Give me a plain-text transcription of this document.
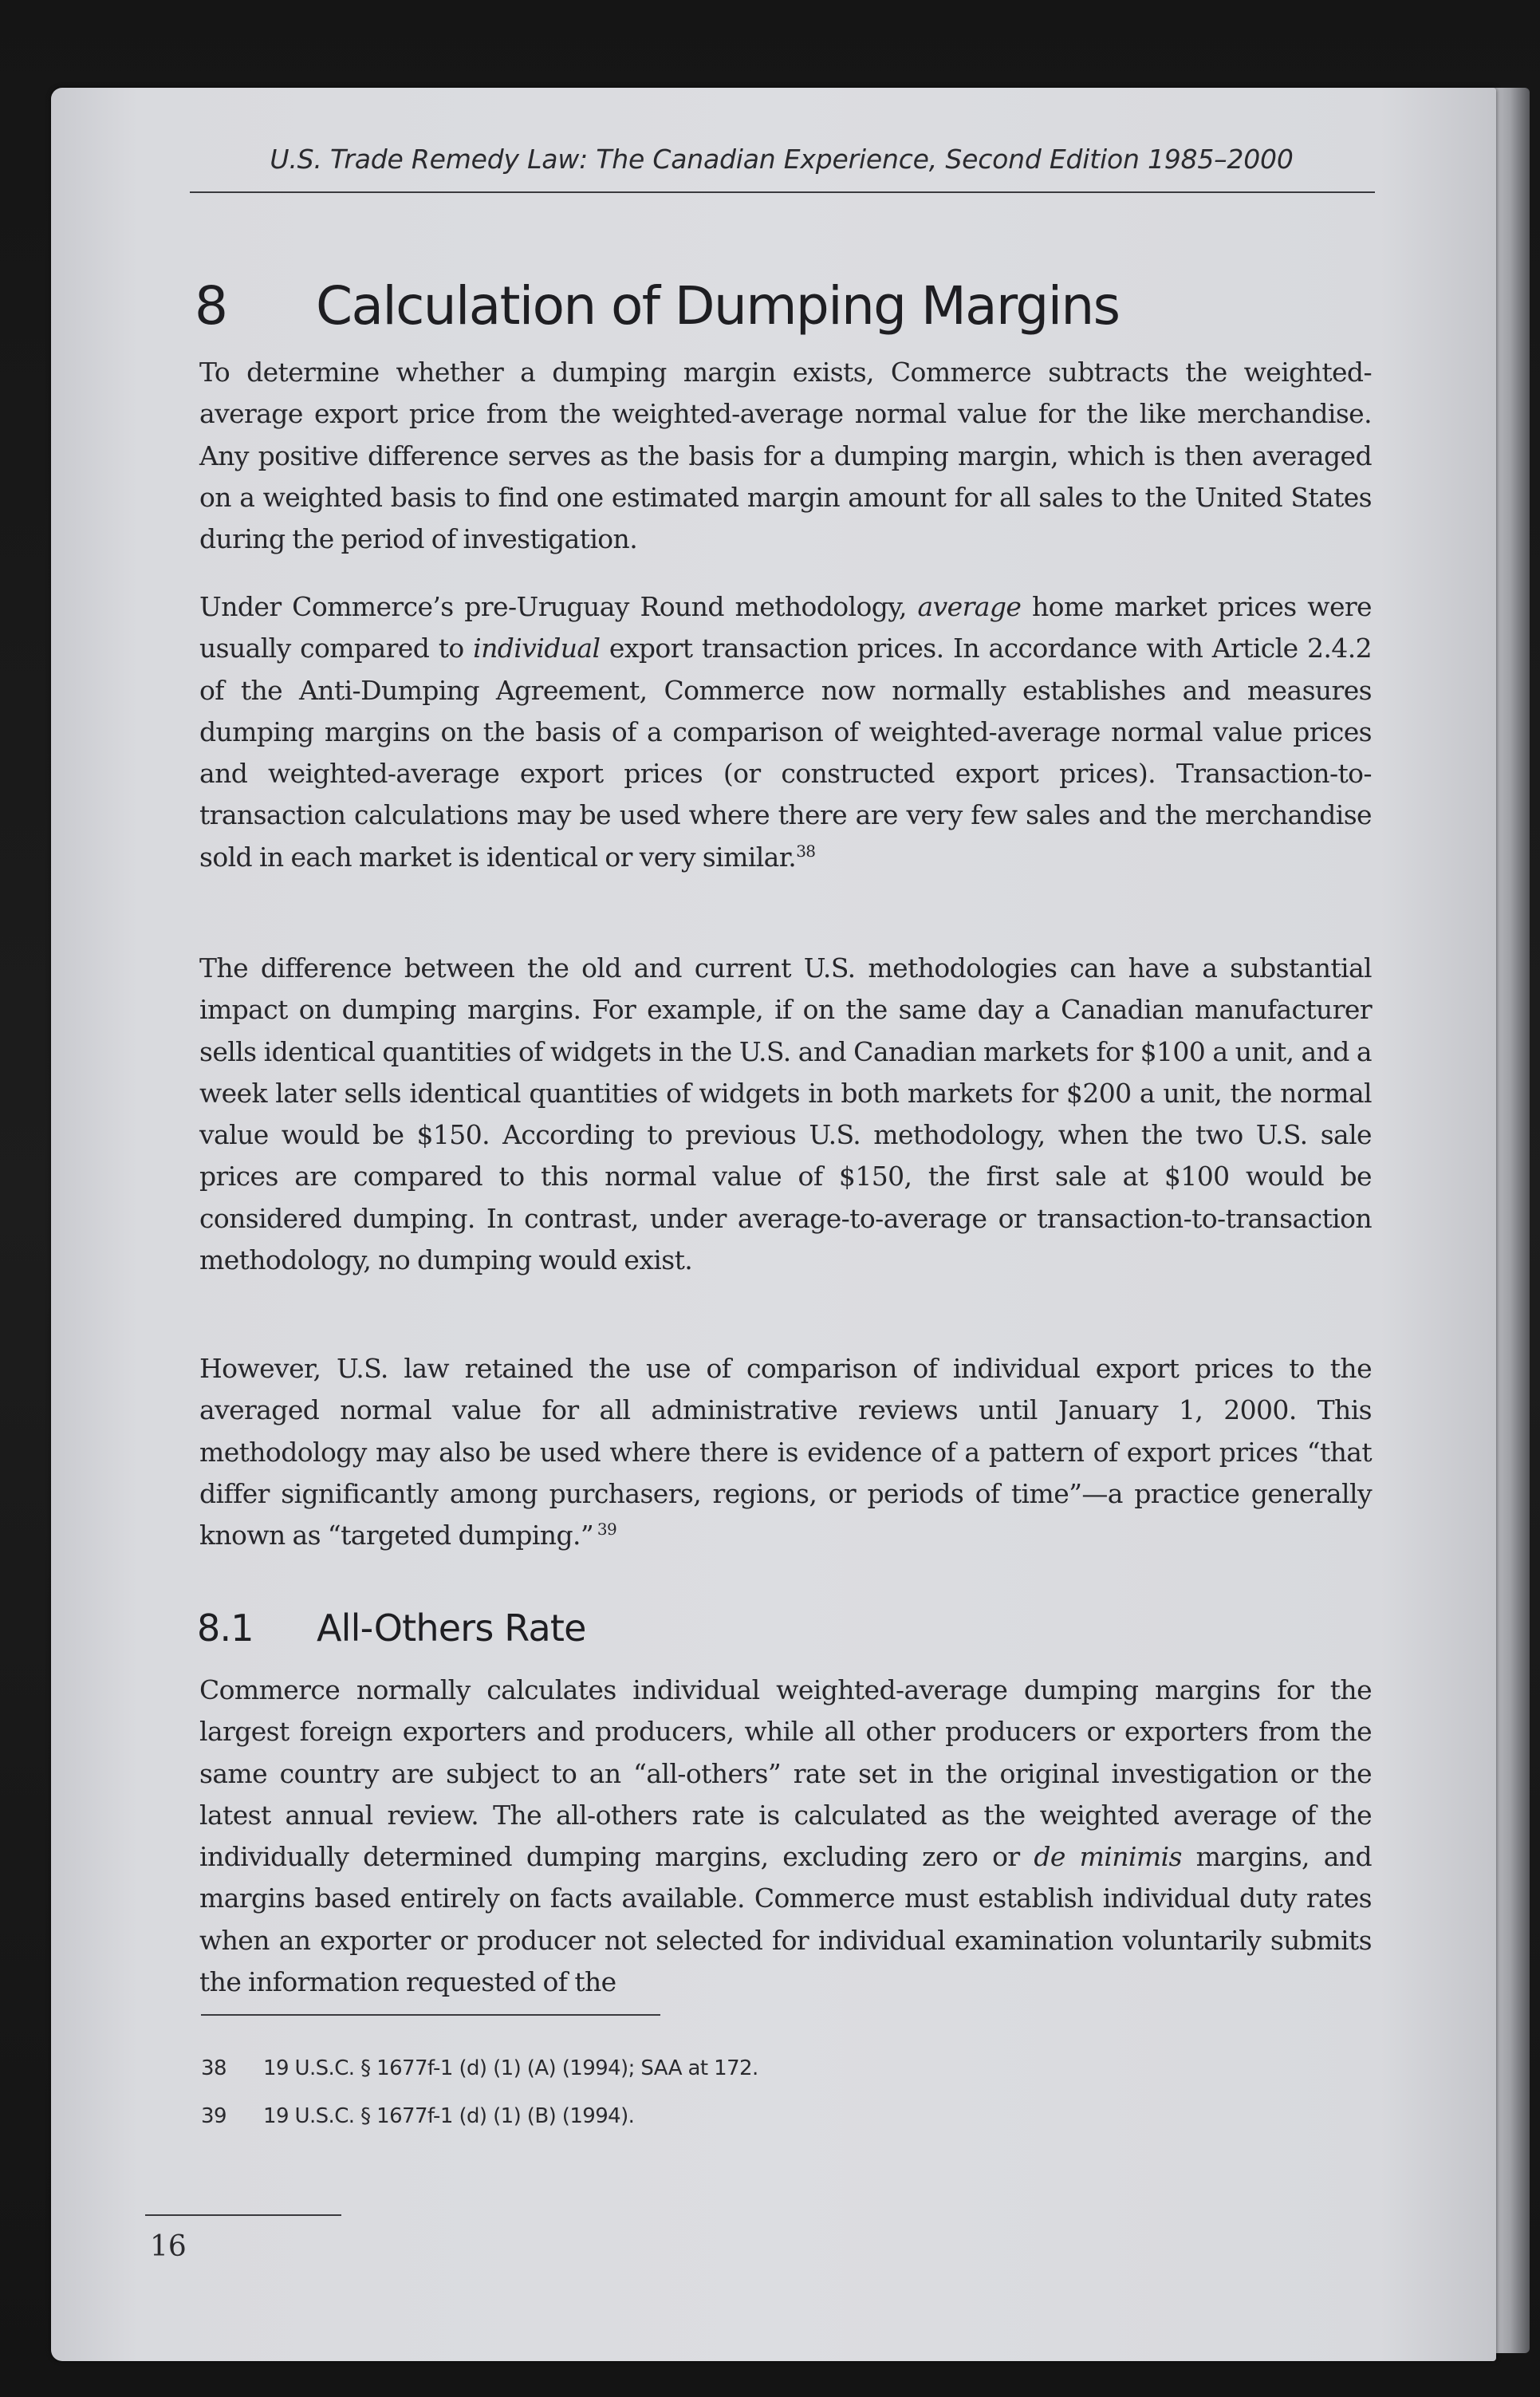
U.S. Trade Remedy Law: The Canadian Experience, Second Edition 1985–2000
8 Calculation of Dumping Margins

To determine whether a dumping margin exists, Commerce subtracts the weighted-average export price from the weighted-average normal value for the like merchandise. Any positive difference serves as the basis for a dumping margin, which is then averaged on a weighted basis to find one estimated margin amount for all sales to the United States during the period of investigation.

Under Commerce’s pre-Uruguay Round methodology, average home market prices were usually compared to individual export transaction prices. In accordance with Article 2.4.2 of the Anti-Dumping Agreement, Commerce now normally establishes and measures dumping margins on the basis of a comparison of weighted-average normal value prices and weighted-average export prices (or constructed export prices). Transaction-to-transaction calculations may be used where there are very few sales and the merchandise sold in each market is identical or very similar.$^{38}$

The difference between the old and current U.S. methodologies can have a substantial impact on dumping margins. For example, if on the same day a Canadian manufacturer sells identical quantities of widgets in the U.S. and Canadian markets for $100 a unit, and a week later sells identical quantities of widgets in both markets for $200 a unit, the normal value would be $150. According to previous U.S. methodology, when the two U.S. sale prices are compared to this normal value of $150, the first sale at $100 would be considered dumping. In contrast, under average-to-average or transaction-to-transaction methodology, no dumping would exist.

However, U.S. law retained the use of comparison of individual export prices to the averaged normal value for all administrative reviews until January 1, 2000. This methodology may also be used where there is evidence of a pattern of export prices “that differ significantly among purchasers, regions, or periods of time”—a practice generally known as “targeted dumping.” $^{39}$

8.1 All-Others Rate

Commerce normally calculates individual weighted-average dumping margins for the largest foreign exporters and producers, while all other producers or exporters from the same country are subject to an “all-others” rate set in the original investigation or the latest annual review. The all-others rate is calculated as the weighted average of the individually determined dumping margins, excluding zero or de minimis margins, and margins based entirely on facts available. Commerce must establish individual duty rates when an exporter or producer not selected for individual examination voluntarily submits the information requested of the

38 19 U.S.C. § 1677f-1 (d) (1) (A) (1994); SAA at 172.
39 19 U.S.C. § 1677f-1 (d) (1) (B) (1994).
16
